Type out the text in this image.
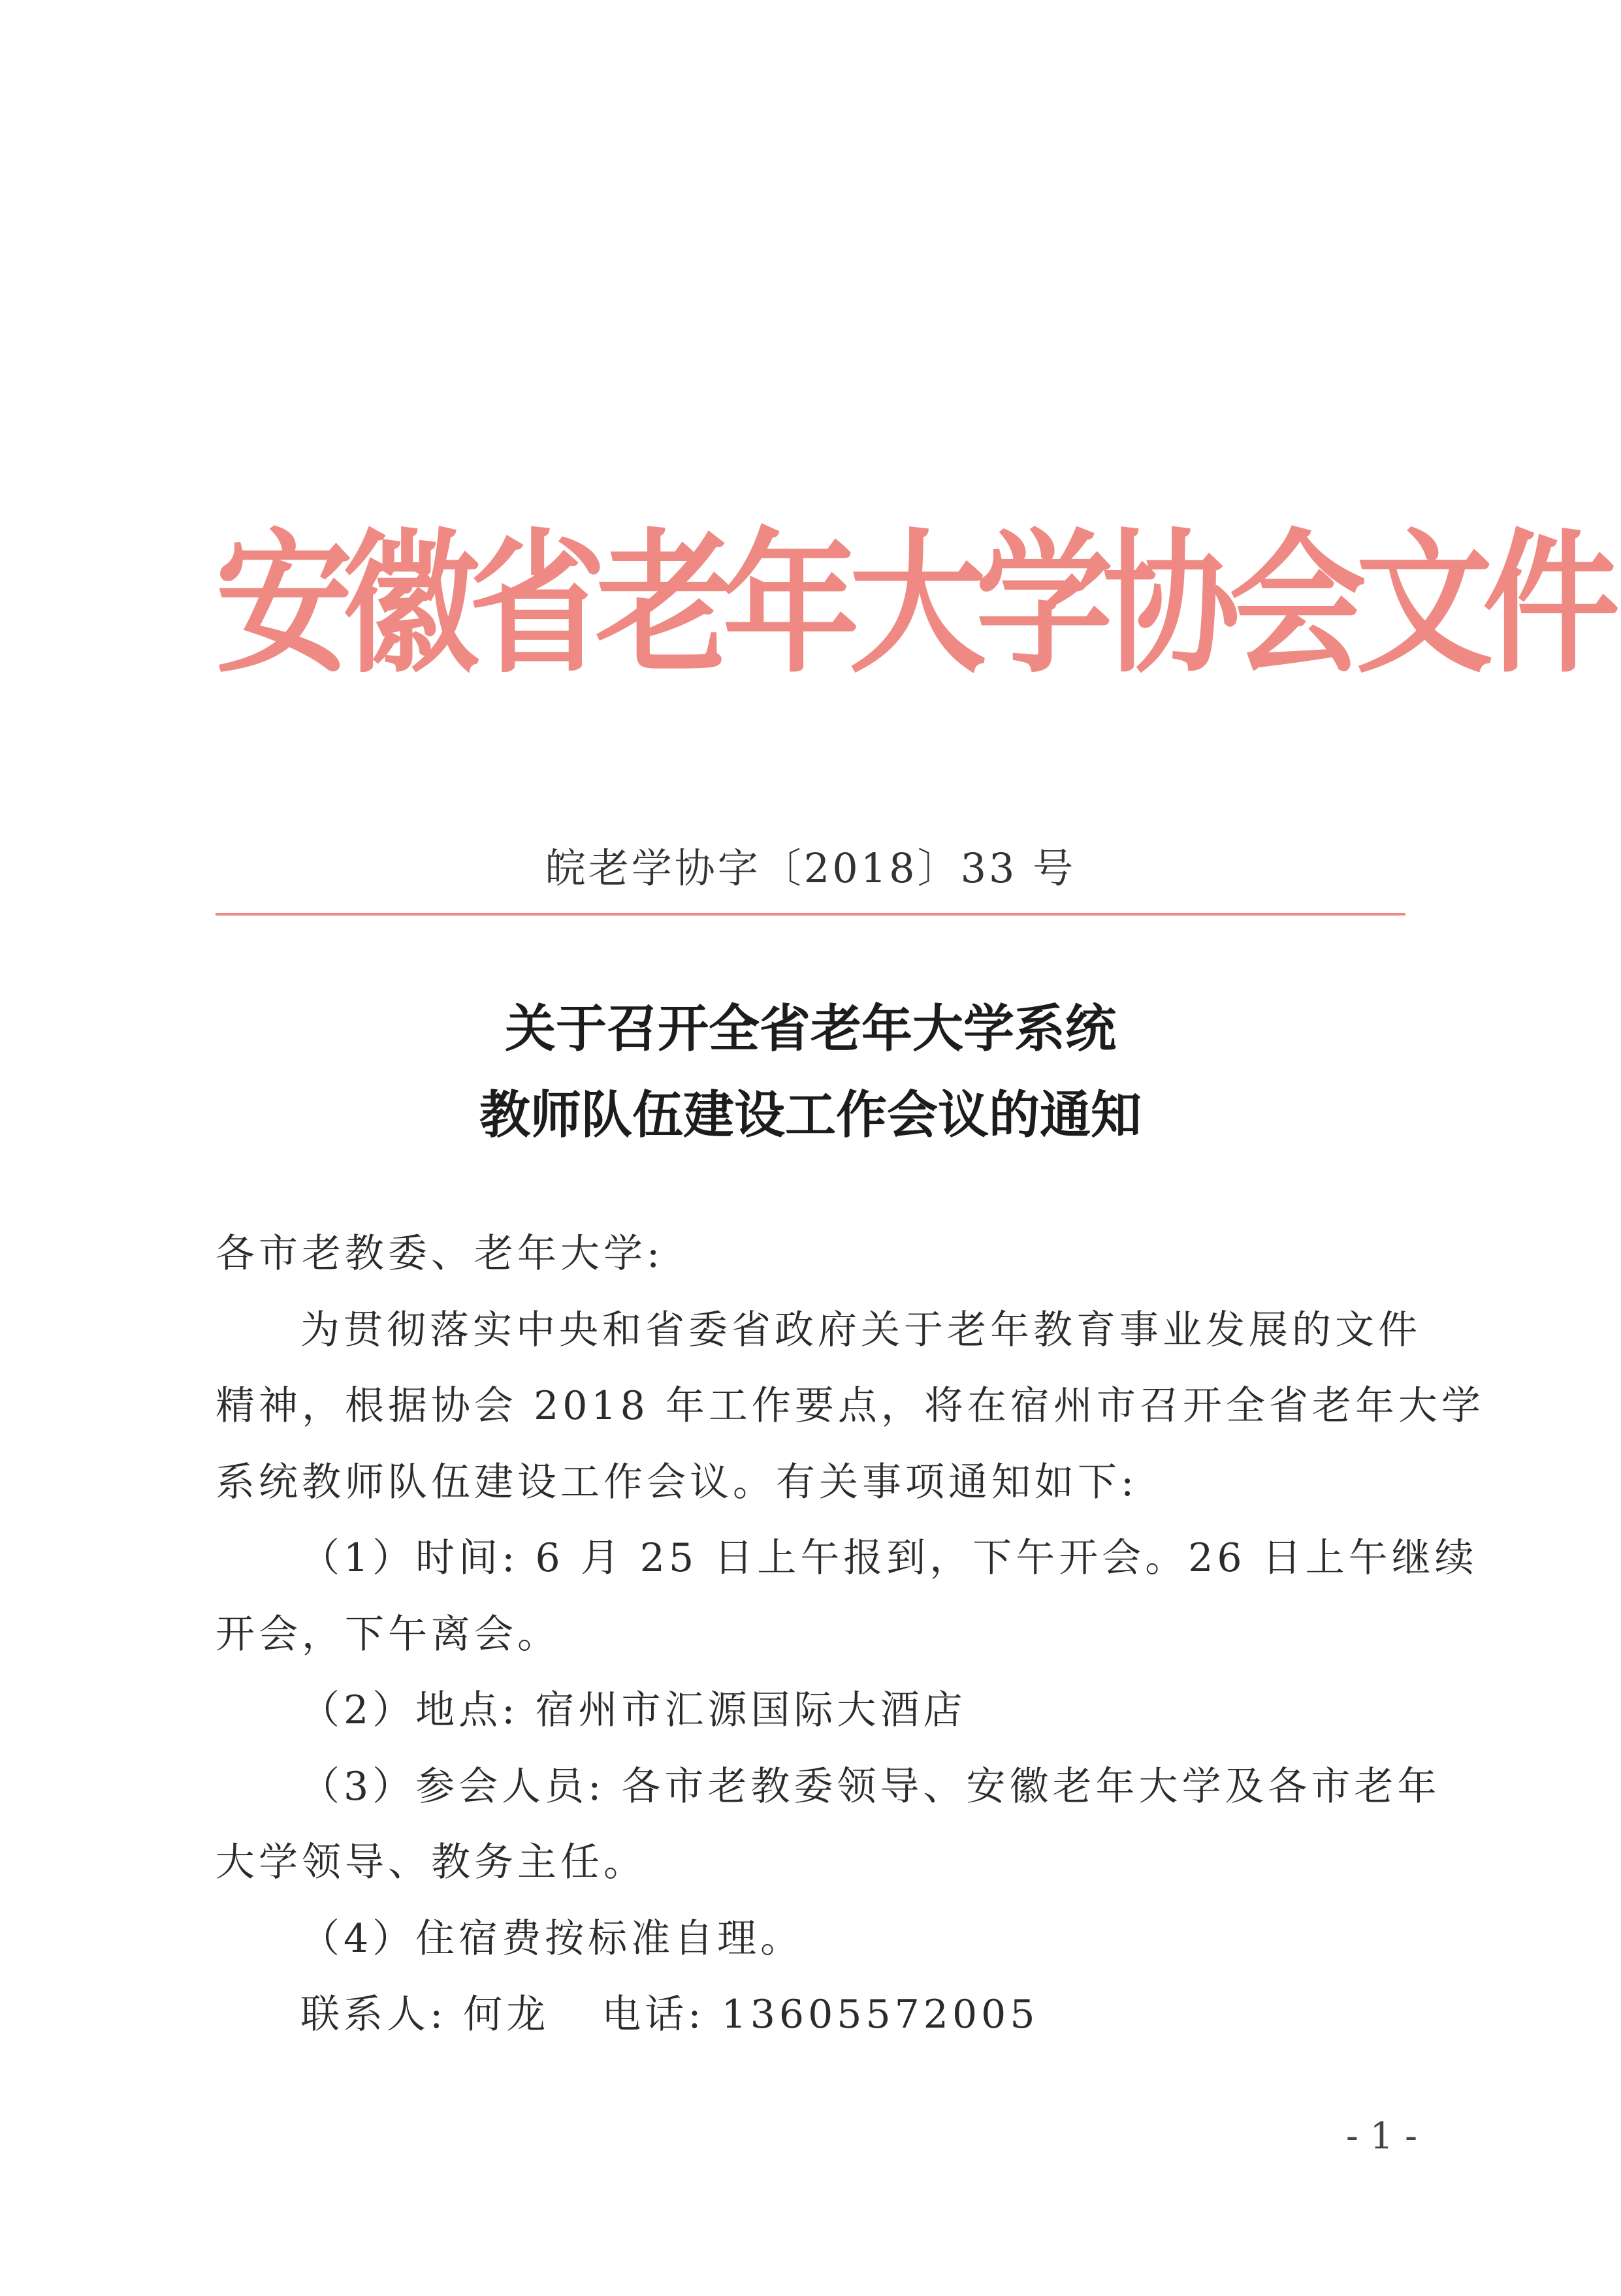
安徽省老年大学协会文件
皖老学协字〔2018〕33 号
关于召开全省老年大学系统
教师队伍建设工作会议的通知
各市老教委、老年大学:
为贯彻落实中央和省委省政府关于老年教育事业发展的文件
精神，根据协会 2018 年工作要点，将在宿州市召开全省老年大学
系统教师队伍建设工作会议。有关事项通知如下:
（1）时间: 6 月 25 日上午报到，下午开会。26 日上午继续
开会，下午离会。
（2）地点: 宿州市汇源国际大酒店
（3）参会人员: 各市老教委领导、安徽老年大学及各市老年
大学领导、教务主任。
（4）住宿费按标准自理。
联系人: 何龙 电话: 13605572005
- 1 -
